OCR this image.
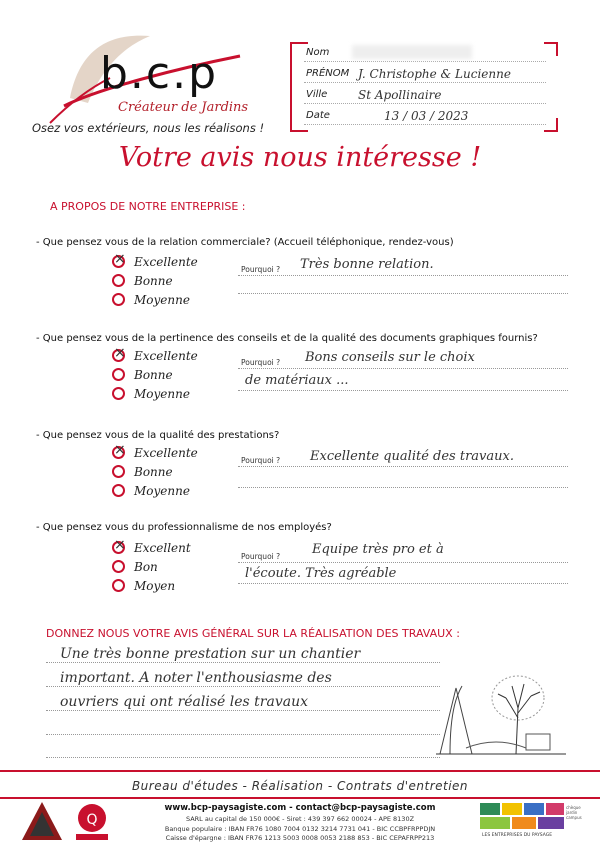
b.c.p
Créateur de Jardins
Osez vos extérieurs, nous les réalisons !
Nom
PRÉNOM J. Christophe & Lucienne
Ville	St Apollinaire
Date	13 / 03 / 2023
Votre avis nous intéresse !
A PROPOS DE NOTRE ENTREPRISE :
- Que pensez vous de la relation commerciale? (Accueil téléphonique, rendez-vous)
×
Excellente
Bonne
Moyenne
Pourquoi ? Très bonne relation.
- Que pensez vous de la pertinence des conseils et de la qualité des documents graphiques fournis?
×
Excellente
Bonne
Moyenne
Pourquoi ? Bons conseils sur le choix
de matériaux ...
- Que pensez vous de la qualité des prestations?
×
Excellente
Bonne
Moyenne
Pourquoi ? Excellente qualité des travaux.
- Que pensez vous du professionnalisme de nos employés?
×
Excellent
Bon
Moyen
Pourquoi ? Equipe très pro et à
l'écoute. Très agréable
DONNEZ NOUS VOTRE AVIS GÉNÉRAL SUR LA RÉALISATION DES TRAVAUX :
Une très bonne prestation sur un chantier
important. A noter l'enthousiasme des
ouvriers qui ont réalisé les travaux
Bureau d'études - Réalisation - Contrats d'entretien
www.bcp-paysagiste.com - contact@bcp-paysagiste.com
SARL au capital de 150 000€ - Siret : 439 397 662 00024 - APE 8130Z
Banque populaire : IBAN FR76 1080 7004 0132 3214 7731 041 - BIC CCBPFRPPDJN
Caisse d'épargne : IBAN FR76 1213 5003 0008 0053 2188 853 - BIC CEPAFRPP213
Q
chèque jardin campus
LES ENTREPRISES DU PAYSAGE
